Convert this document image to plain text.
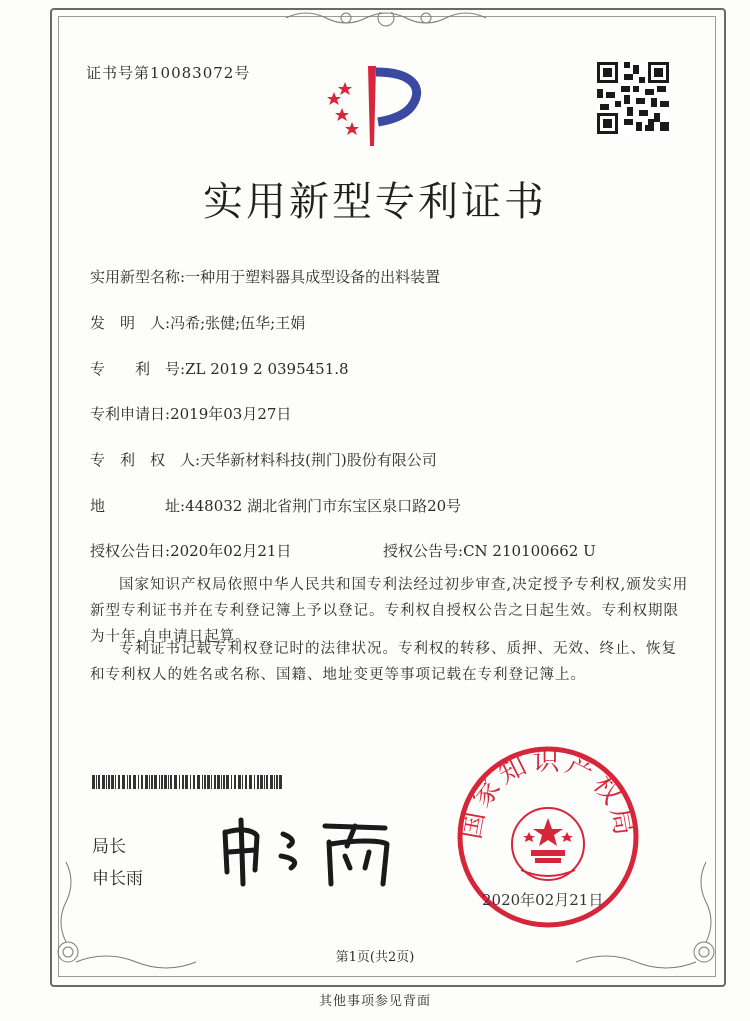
证书号第10083072号
实用新型专利证书
实用新型名称:一种用于塑料器具成型设备的出料装置
发　明　人:冯希;张健;伍华;王娟
专　　利　号:ZL 2019 2 0395451.8
专利申请日:2019年03月27日
专　利　权　人:天华新材料科技(荆门)股份有限公司
地　　　　址:448032 湖北省荆门市东宝区泉口路20号
授权公告日:2020年02月21日	授权公告号:CN 210100662 U
国家知识产权局依照中华人民共和国专利法经过初步审查,决定授予专利权,颁发实用新型专利证书并在专利登记簿上予以登记。专利权自授权公告之日起生效。专利权期限为十年,自申请日起算。
专利证书记载专利权登记时的法律状况。专利权的转移、质押、无效、终止、恢复和专利权人的姓名或名称、国籍、地址变更等事项记载在专利登记簿上。
局长
申长雨
国家知识产权局
2020年02月21日
第1页(共2页)
其他事项参见背面
